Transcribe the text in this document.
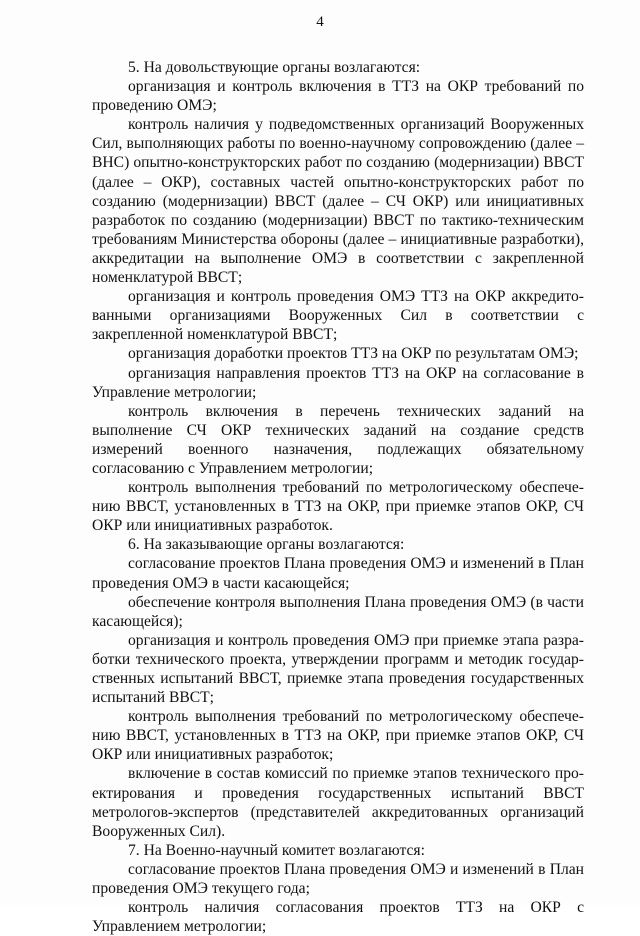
4

5. На довольствующие органы возлагаются:

организация и контроль включения в ТТЗ на ОКР требований по проведению ОМЭ;

контроль наличия у подведомственных организаций Вооруженных Сил, выполняющих работы по военно-научному сопровождению (далее – ВНС) опытно-конструкторских работ по созданию (модернизации) ВВСТ (далее – ОКР), составных частей опытно-конструкторских работ по созданию (модернизации) ВВСТ (далее – СЧ ОКР) или инициативных разработок по созданию (модернизации) ВВСТ по тактико-техническим требованиям Министерства обороны (далее – инициативные разработки), аккредитации на выполнение ОМЭ в соответствии с закрепленной номенклатурой ВВСТ;

организация и контроль проведения ОМЭ ТТЗ на ОКР аккредитованными организациями Вооруженных Сил в соответствии с закрепленной номенклатурой ВВСТ;

организация доработки проектов ТТЗ на ОКР по результатам ОМЭ;

организация направления проектов ТТЗ на ОКР на согласование в Управление метрологии;

контроль включения в перечень технических заданий на выполнение СЧ ОКР технических заданий на создание средств измерений военного назначения, подлежащих обязательному согласованию с Управлением метрологии;

контроль выполнения требований по метрологическому обеспечению ВВСТ, установленных в ТТЗ на ОКР, при приемке этапов ОКР, СЧ ОКР или инициативных разработок.

6. На заказывающие органы возлагаются:

согласование проектов Плана проведения ОМЭ и изменений в План проведения ОМЭ в части касающейся;

обеспечение контроля выполнения Плана проведения ОМЭ (в части касающейся);

организация и контроль проведения ОМЭ при приемке этапа разработки технического проекта, утверждении программ и методик государственных испытаний ВВСТ, приемке этапа проведения государственных испытаний ВВСТ;

контроль выполнения требований по метрологическому обеспечению ВВСТ, установленных в ТТЗ на ОКР, при приемке этапов ОКР, СЧ ОКР или инициативных разработок;

включение в состав комиссий по приемке этапов технического проектирования и проведения государственных испытаний ВВСТ метрологов-экспертов (представителей аккредитованных организаций Вооруженных Сил).

7. На Военно-научный комитет возлагаются:

согласование проектов Плана проведения ОМЭ и изменений в План проведения ОМЭ текущего года;

контроль наличия согласования проектов ТТЗ на ОКР с Управлением метрологии;
